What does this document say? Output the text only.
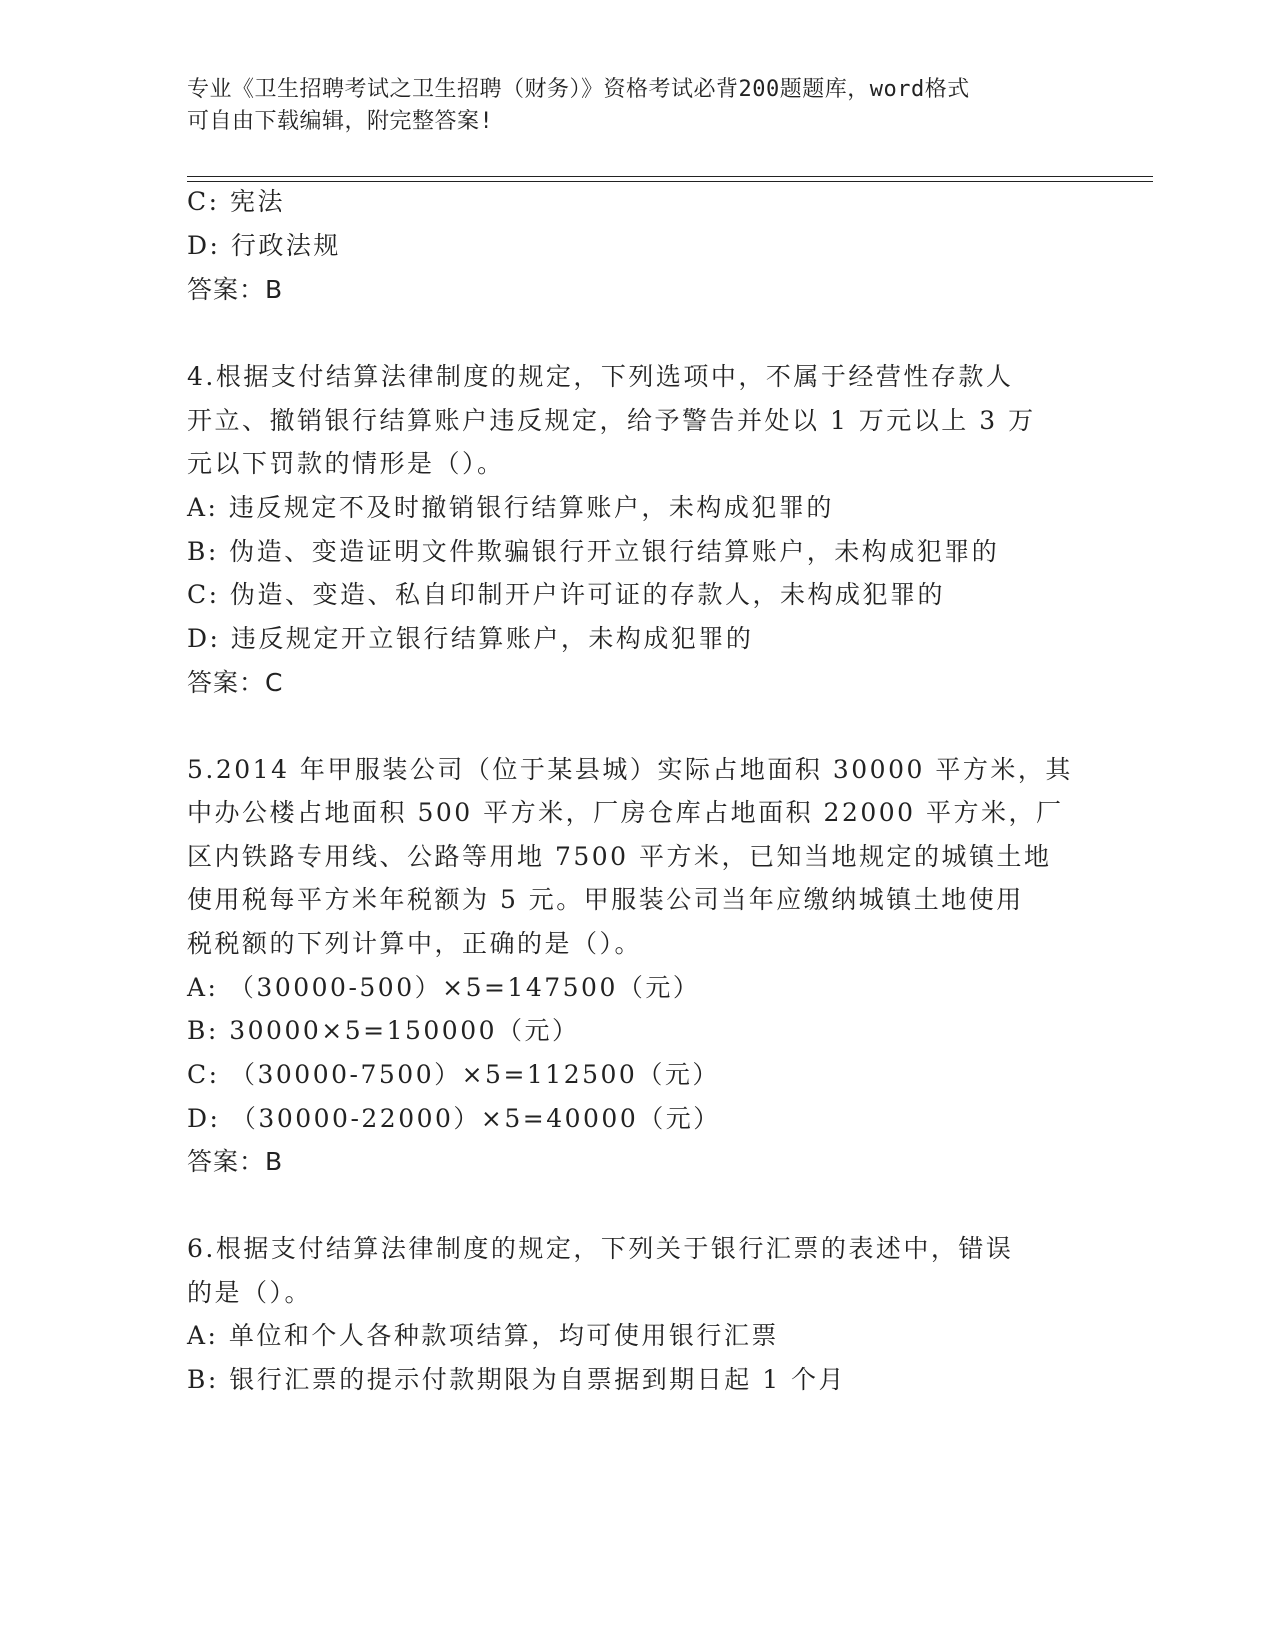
专业《卫生招聘考试之卫生招聘（财务）》资格考试必背200题题库，word格式
可自由下载编辑，附完整答案!
C: 宪法
D: 行政法规
答案：B
4.根据支付结算法律制度的规定，下列选项中，不属于经营性存款人
开立、撤销银行结算账户违反规定，给予警告并处以 1 万元以上 3 万
元以下罚款的情形是（）。
A: 违反规定不及时撤销银行结算账户，未构成犯罪的
B: 伪造、变造证明文件欺骗银行开立银行结算账户，未构成犯罪的
C: 伪造、变造、私自印制开户许可证的存款人，未构成犯罪的
D: 违反规定开立银行结算账户，未构成犯罪的
答案：C
5.2014 年甲服装公司（位于某县城）实际占地面积 30000 平方米，其
中办公楼占地面积 500 平方米，厂房仓库占地面积 22000 平方米，厂
区内铁路专用线、公路等用地 7500 平方米，已知当地规定的城镇土地
使用税每平方米年税额为 5 元。甲服装公司当年应缴纳城镇土地使用
税税额的下列计算中，正确的是（）。
A: （30000-500）×5=147500（元）
B: 30000×5=150000（元）
C: （30000-7500）×5=112500（元）
D: （30000-22000）×5=40000（元）
答案：B
6.根据支付结算法律制度的规定，下列关于银行汇票的表述中，错误
的是（）。
A: 单位和个人各种款项结算，均可使用银行汇票
B: 银行汇票的提示付款期限为自票据到期日起 1 个月
